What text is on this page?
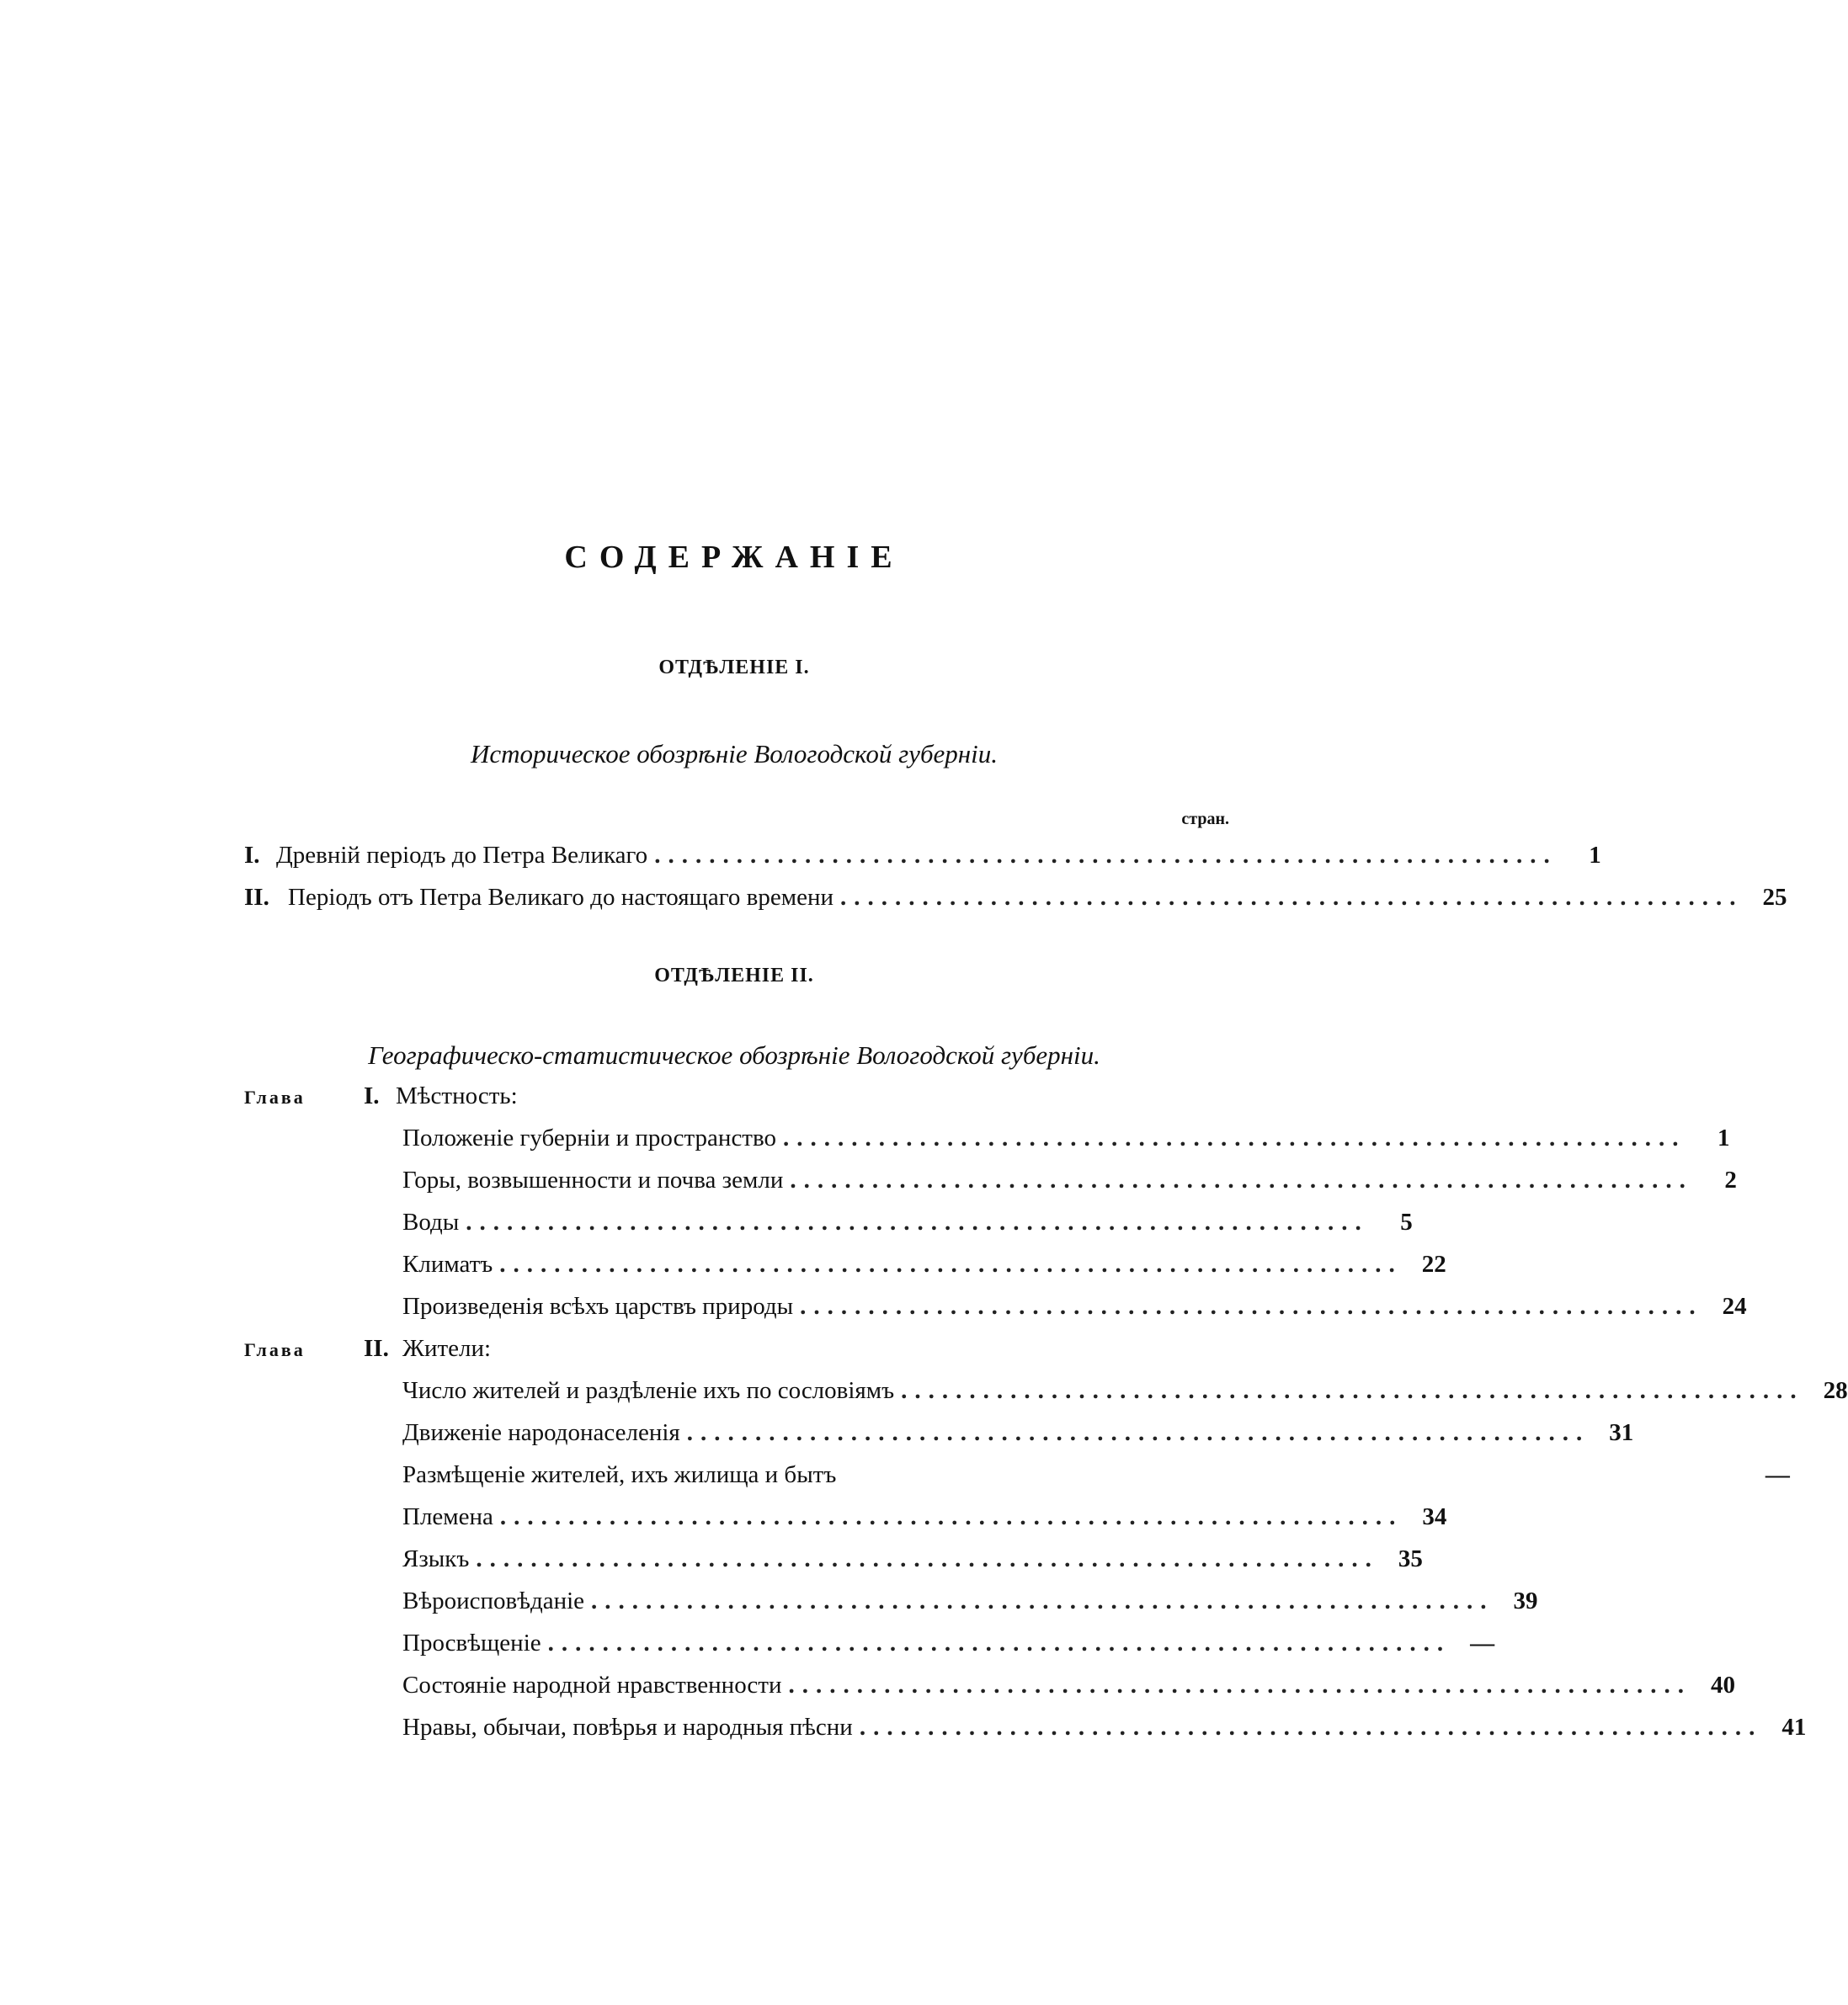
СОДЕРЖАНІЕ
ОТДѢЛЕНІЕ I.
Историческое обозрѣніе Вологодской губерніи.
стран.
I. Древній періодъ до Петра Великаго ..................................................................	1
II. Періодъ отъ Петра Великаго до настоящаго времени .................................................................. 25
ОТДѢЛЕНІЕ II.
Географическо-статистическое обозрѣніе Вологодской губерніи.
Глава	I. Мѣстность:
Положеніе губерніи и пространство ..................................................................	1
Горы, возвышенности и почва земли ..................................................................	2
Воды ..................................................................	5
Климатъ .................................................................. 22
Произведенія всѣхъ царствъ природы .................................................................. 24
Глава	II. Жители:
Число жителей и раздѣленіе ихъ по сословіямъ .................................................................. 28
Движеніе народонаселенія .................................................................. 31
Размѣщеніе жителей, ихъ жилища и бытъ	—
Племена .................................................................. 34
Языкъ .................................................................. 35
Вѣроисповѣданіе .................................................................. 39
Просвѣщеніе .................................................................. —
Состояніе народной нравственности .................................................................. 40
Нравы, обычаи, повѣрья и народныя пѣсни .................................................................. 41
